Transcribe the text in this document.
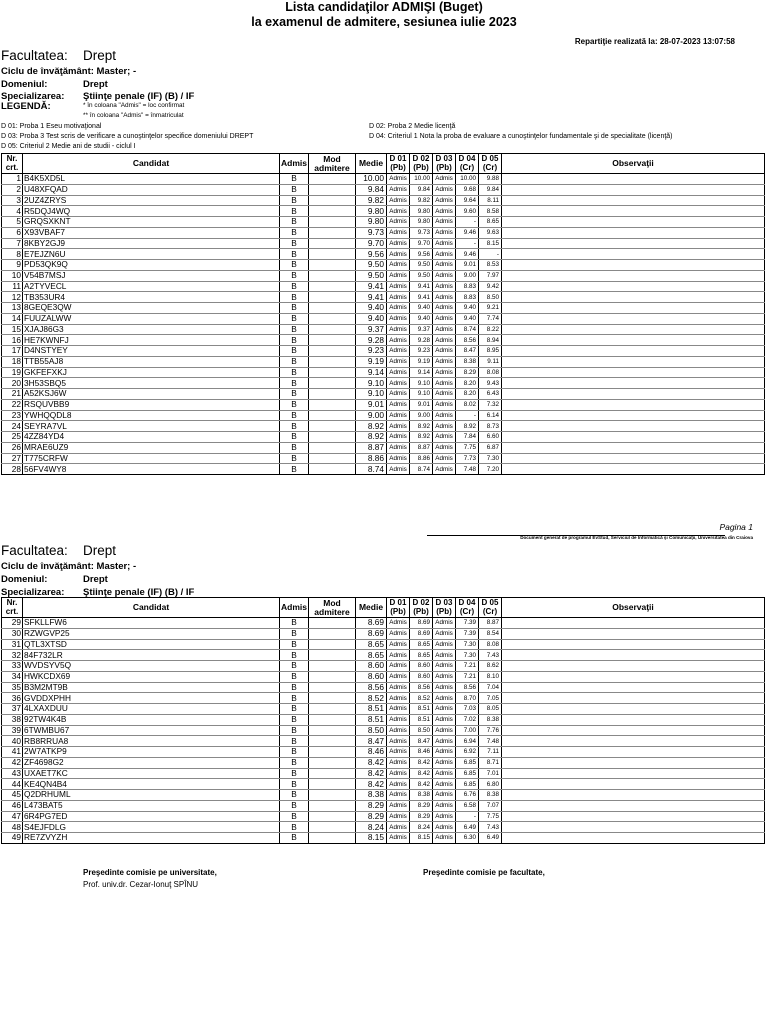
Lista candidaţilor ADMIŞI (Buget)
la examenul de admitere, sesiunea iulie 2023
Repartiţie realizată la: 28-07-2023 13:07:58
Facultatea: Drept
Ciclu de învăţământ: Master; -
Domeniul:	Drept
Specializarea: Ştiinţe penale (IF) (B) / IF
LEGENDĂ:	* în coloana "Admis" = loc confirmat
** în coloana "Admis" = înmatriculat
D 01: Proba 1 Eseu motivaţional	D 02: Proba 2 Medie licenţă
D 03: Proba 3 Test scris de verificare a cunoştinţelor specifice domeniului DREPT	D 04: Criteriul 1 Nota la proba de evaluare a cunoştinţelor fundamentale şi de specialitate (licenţă)
D 05: Criteriul 2 Medie ani de studii - ciclul I
Nr.
crt.	Candidat	Admis	Mod
admitere	Medie	D 01
(Pb)	D 02
(Pb)	D 03
(Pb)	D 04
(Cr)	D 05
(Cr)	Observaţii
1	B4K5XD5L	B		10.00	Admis	10.00	Admis	10.00	9.88	
2	U48XFQAD	B		9.84	Admis	9.84	Admis	9.68	9.84	
3	2UZ4ZRYS	B		9.82	Admis	9.82	Admis	9.64	8.11	
4	R5DQJ4WQ	B		9.80	Admis	9.80	Admis	9.60	8.58	
5	GRQSXKNT	B		9.80	Admis	9.80	Admis	-	8.65	
6	X93VBAF7	B		9.73	Admis	9.73	Admis	9.46	9.63	
7	8KBY2GJ9	B		9.70	Admis	9.70	Admis	-	8.15	
8	E7EJZN6U	B		9.56	Admis	9.56	Admis	9.46	-	
9	PD53QK9Q	B		9.50	Admis	9.50	Admis	9.01	8.53	
10	V54B7MSJ	B		9.50	Admis	9.50	Admis	9.00	7.97	
11	A2TYVECL	B		9.41	Admis	9.41	Admis	8.83	9.42	
12	TB353UR4	B		9.41	Admis	9.41	Admis	8.83	8.50	
13	8GEQE3QW	B		9.40	Admis	9.40	Admis	9.40	9.21	
14	FUUZALWW	B		9.40	Admis	9.40	Admis	9.40	7.74	
15	XJAJ86G3	B		9.37	Admis	9.37	Admis	8.74	8.22	
16	HE7KWNFJ	B		9.28	Admis	9.28	Admis	8.56	8.94	
17	D4NSTYEY	B		9.23	Admis	9.23	Admis	8.47	8.95	
18	TTB55AJ8	B		9.19	Admis	9.19	Admis	8.38	9.11	
19	GKFEFXKJ	B		9.14	Admis	9.14	Admis	8.29	8.08	
20	3H53SBQ5	B		9.10	Admis	9.10	Admis	8.20	9.43	
21	A52KSJ6W	B		9.10	Admis	9.10	Admis	8.20	6.43	
22	RSQUVBB9	B		9.01	Admis	9.01	Admis	8.02	7.32	
23	YWHQQDL8	B		9.00	Admis	9.00	Admis	-	6.14	
24	SEYRA7VL	B		8.92	Admis	8.92	Admis	8.92	8.73	
25	4ZZ84YD4	B		8.92	Admis	8.92	Admis	7.84	6.60	
26	MRAE6UZ9	B		8.87	Admis	8.87	Admis	7.75	6.87	
27	T775CRFW	B		8.86	Admis	8.86	Admis	7.73	7.30	
28	56FV4WY8	B		8.74	Admis	8.74	Admis	7.48	7.20	
Pagina 1
Document generat de programul EvStud, Serviciul de Informatică şi Comunicaţii, Universitatea din Craiova
Facultatea: Drept
Ciclu de învăţământ: Master; -
Domeniul:	Drept
Specializarea: Ştiinţe penale (IF) (B) / IF
Nr.
crt.	Candidat	Admis	Mod
admitere	Medie	D 01
(Pb)	D 02
(Pb)	D 03
(Pb)	D 04
(Cr)	D 05
(Cr)	Observaţii
29	SFKLLFW6	B		8.69	Admis	8.69	Admis	7.39	8.87	
30	RZWGVP25	B		8.69	Admis	8.69	Admis	7.39	8.54	
31	QTL3XTSD	B		8.65	Admis	8.65	Admis	7.30	8.08	
32	84F732LR	B		8.65	Admis	8.65	Admis	7.30	7.43	
33	WVDSYV5Q	B		8.60	Admis	8.60	Admis	7.21	8.62	
34	HWKCDX69	B		8.60	Admis	8.60	Admis	7.21	8.10	
35	B3M2MT9B	B		8.56	Admis	8.56	Admis	8.56	7.04	
36	GVDDXPHH	B		8.52	Admis	8.52	Admis	8.70	7.05	
37	4LXAXDUU	B		8.51	Admis	8.51	Admis	7.03	8.05	
38	92TW4K4B	B		8.51	Admis	8.51	Admis	7.02	8.38	
39	6TWMBU67	B		8.50	Admis	8.50	Admis	7.00	7.76	
40	RB8RRUA8	B		8.47	Admis	8.47	Admis	6.94	7.48	
41	2W7ATKP9	B		8.46	Admis	8.46	Admis	6.92	7.11	
42	ZF4698G2	B		8.42	Admis	8.42	Admis	6.85	8.71	
43	UXAET7KC	B		8.42	Admis	8.42	Admis	6.85	7.01	
44	KE4QN4B4	B		8.42	Admis	8.42	Admis	6.85	6.80	
45	Q2DRHUML	B		8.38	Admis	8.38	Admis	6.76	8.38	
46	L473BAT5	B		8.29	Admis	8.29	Admis	6.58	7.07	
47	6R4PG7ED	B		8.29	Admis	8.29	Admis	-	7.75	
48	S4EJFDLG	B		8.24	Admis	8.24	Admis	6.49	7.43	
49	RE7ZVYZH	B		8.15	Admis	8.15	Admis	6.30	6.49	
Preşedinte comisie pe universitate,
Prof. univ.dr. Cezar-Ionuţ SPÎNU
Preşedinte comisie pe facultate,
